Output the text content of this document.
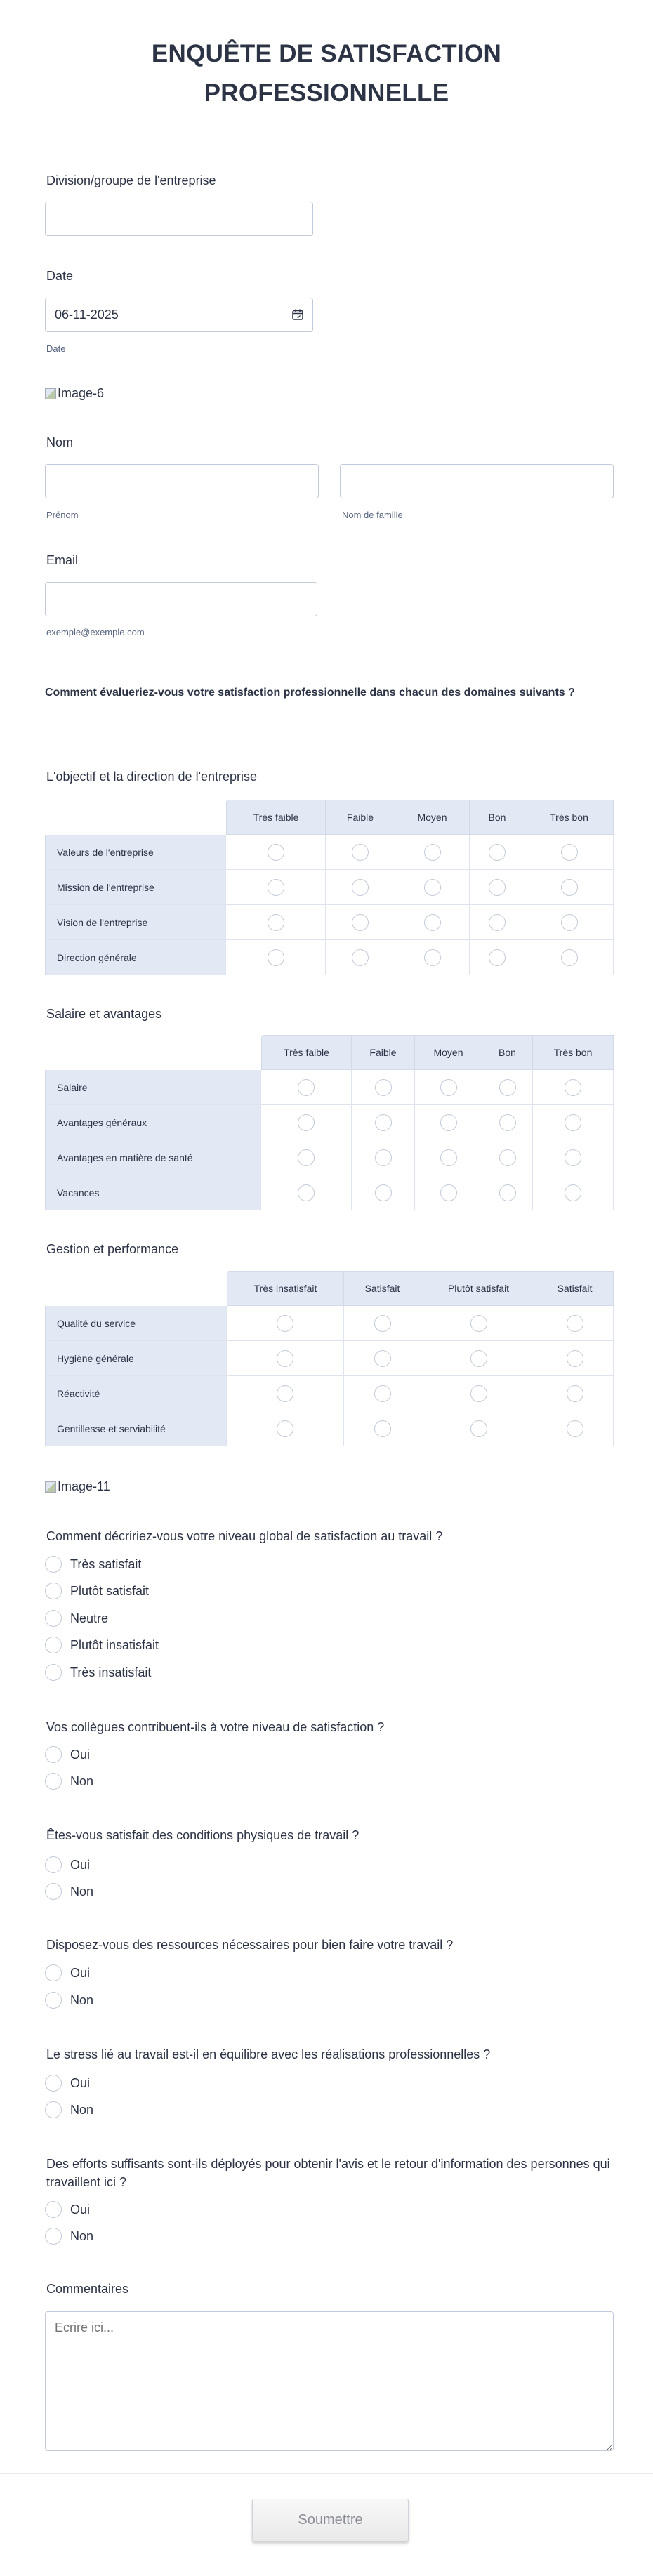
ENQUÊTE DE SATISFACTION
PROFESSIONNELLE
Division/groupe de l'entreprise
Date
06-11-2025
Date
Image-6
Nom
Prénom	Nom de famille
Email
exemple@exemple.com
Comment évalueriez-vous votre satisfaction professionnelle dans chacun des domaines suivants ?
L'objectif et la direction de l'entreprise
	Très faible	Faible	Moyen	Bon	Très bon
Valeurs de l'entreprise					
Mission de l'entreprise					
Vision de l'entreprise					
Direction générale					
Salaire et avantages
	Très faible	Faible	Moyen	Bon	Très bon
Salaire					
Avantages généraux					
Avantages en matière de santé					
Vacances					
Gestion et performance
	Très insatisfait	Satisfait	Plutôt satisfait	Satisfait
Qualité du service				
Hygiène générale				
Réactivité				
Gentillesse et serviabilité				
Image-11
Comment décririez-vous votre niveau global de satisfaction au travail ?
Très satisfait
Plutôt satisfait
Neutre
Plutôt insatisfait
Très insatisfait
Vos collègues contribuent-ils à votre niveau de satisfaction ?
Oui
Non
Êtes-vous satisfait des conditions physiques de travail ?
Oui
Non
Disposez-vous des ressources nécessaires pour bien faire votre travail ?
Oui
Non
Le stress lié au travail est-il en équilibre avec les réalisations professionnelles ?
Oui
Non
Des efforts suffisants sont-ils déployés pour obtenir l'avis et le retour d'information des personnes qui travaillent ici ?
Oui
Non
Commentaires
Ecrire ici...
Soumettre
